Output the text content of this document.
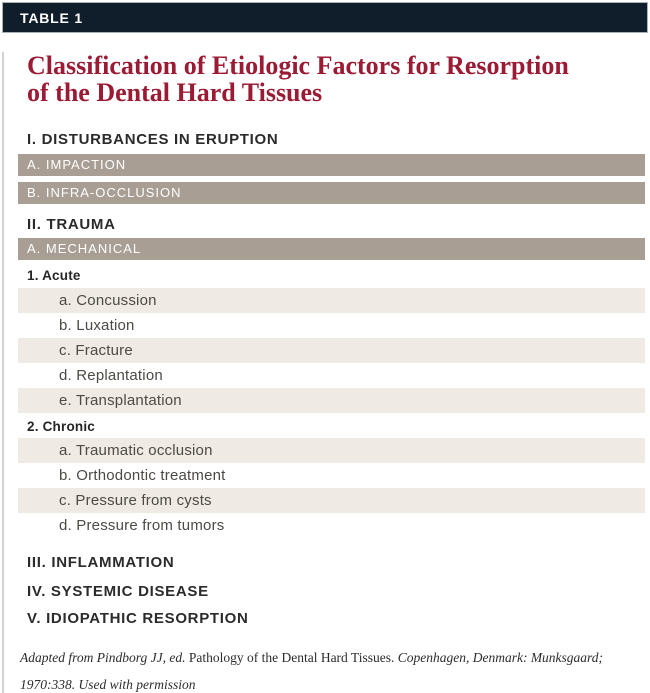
TABLE 1
Classification of Etiologic Factors for Resorption
of the Dental Hard Tissues
I. DISTURBANCES IN ERUPTION
A. IMPACTION
B. INFRA-OCCLUSION
II. TRAUMA
A. MECHANICAL
1. Acute
a. Concussion
b. Luxation
c. Fracture
d. Replantation
e. Transplantation
2. Chronic
a. Traumatic occlusion
b. Orthodontic treatment
c. Pressure from cysts
d. Pressure from tumors
III. INFLAMMATION
IV. SYSTEMIC DISEASE
V. IDIOPATHIC RESORPTION
Adapted from Pindborg JJ, ed. Pathology of the Dental Hard Tissues. Copenhagen, Denmark: Munksgaard;
1970:338. Used with permission
